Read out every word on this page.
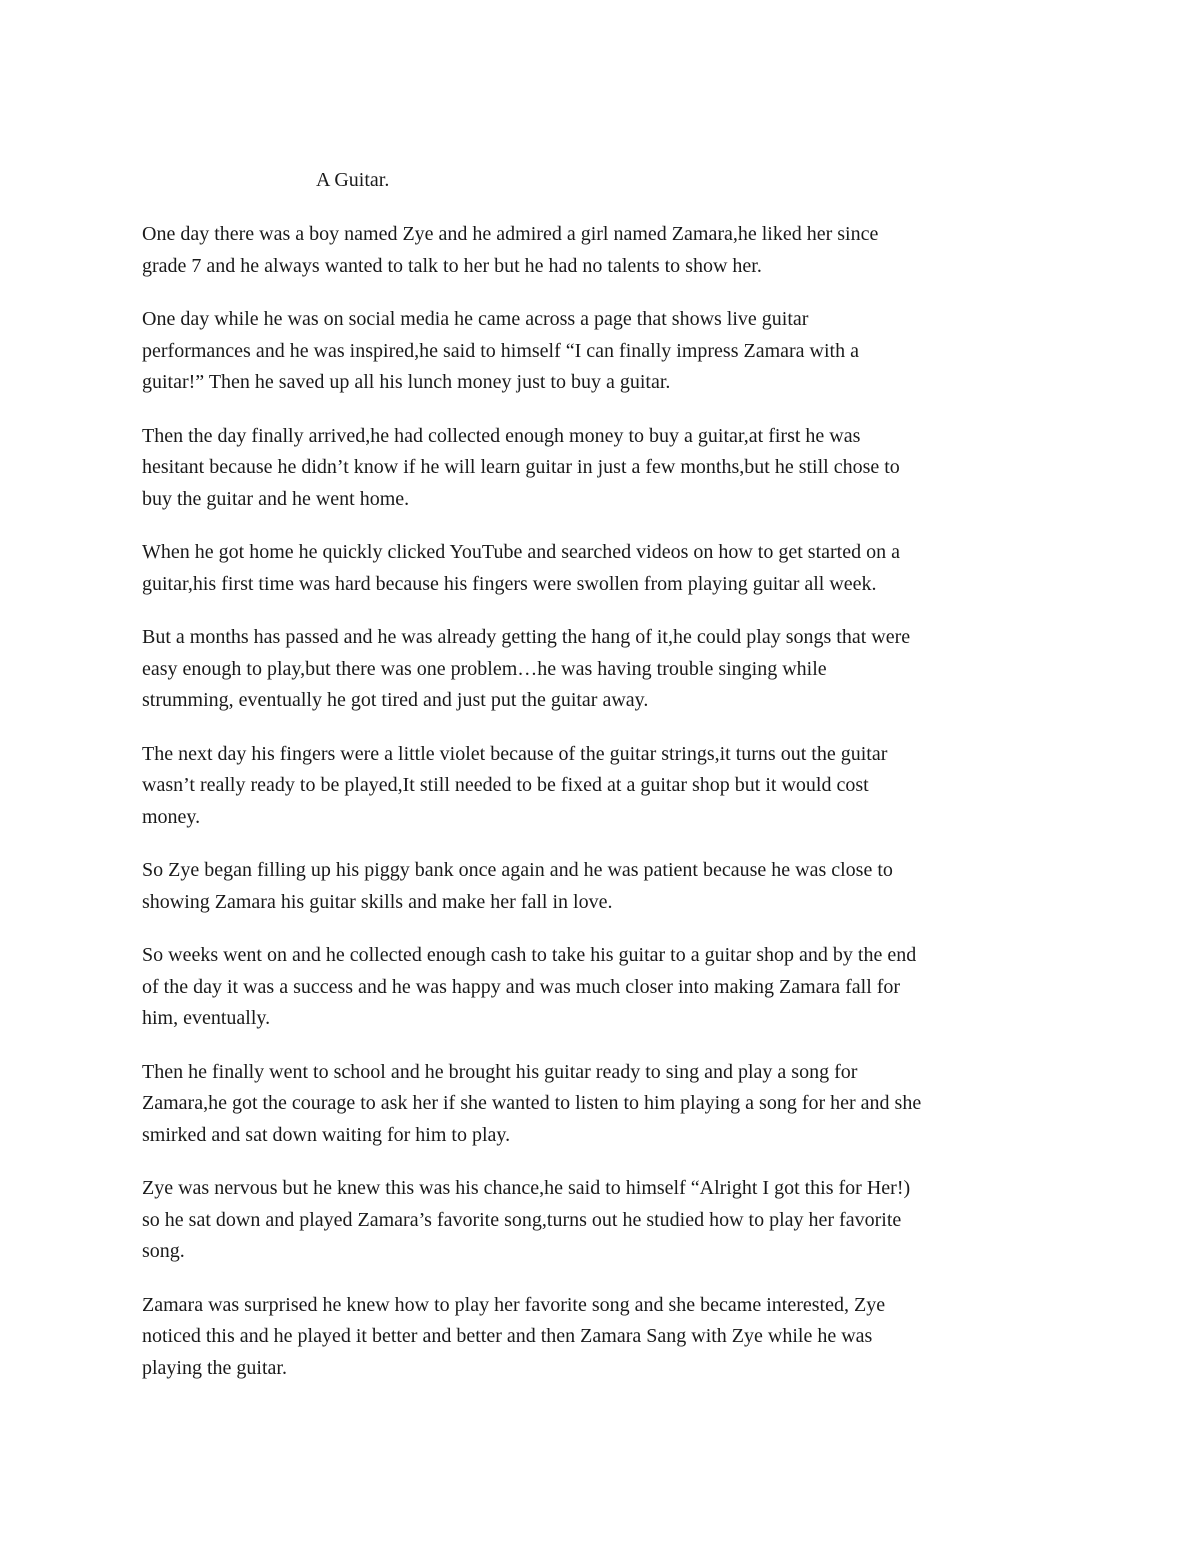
A Guitar.

One day there was a boy named Zye and he admired a girl named Zamara,he liked her since
grade 7 and he always wanted to talk to her but he had no talents to show her.

One day while he was on social media he came across a page that shows live guitar
performances and he was inspired,he said to himself “I can finally impress Zamara with a
guitar!” Then he saved up all his lunch money just to buy a guitar.

Then the day finally arrived,he had collected enough money to buy a guitar,at first he was
hesitant because he didn’t know if he will learn guitar in just a few months,but he still chose to
buy the guitar and he went home.

When he got home he quickly clicked YouTube and searched videos on how to get started on a
guitar,his first time was hard because his fingers were swollen from playing guitar all week.

But a months has passed and he was already getting the hang of it,he could play songs that were
easy enough to play,but there was one problem…he was having trouble singing while
strumming, eventually he got tired and just put the guitar away.

The next day his fingers were a little violet because of the guitar strings,it turns out the guitar
wasn’t really ready to be played,It still needed to be fixed at a guitar shop but it would cost
money.

So Zye began filling up his piggy bank once again and he was patient because he was close to
showing Zamara his guitar skills and make her fall in love.

So weeks went on and he collected enough cash to take his guitar to a guitar shop and by the end
of the day it was a success and he was happy and was much closer into making Zamara fall for
him, eventually.

Then he finally went to school and he brought his guitar ready to sing and play a song for
Zamara,he got the courage to ask her if she wanted to listen to him playing a song for her and she
smirked and sat down waiting for him to play.

Zye was nervous but he knew this was his chance,he said to himself “Alright I got this for Her!)
so he sat down and played Zamara’s favorite song,turns out he studied how to play her favorite
song.

Zamara was surprised he knew how to play her favorite song and she became interested, Zye
noticed this and he played it better and better and then Zamara Sang with Zye while he was
playing the guitar.
